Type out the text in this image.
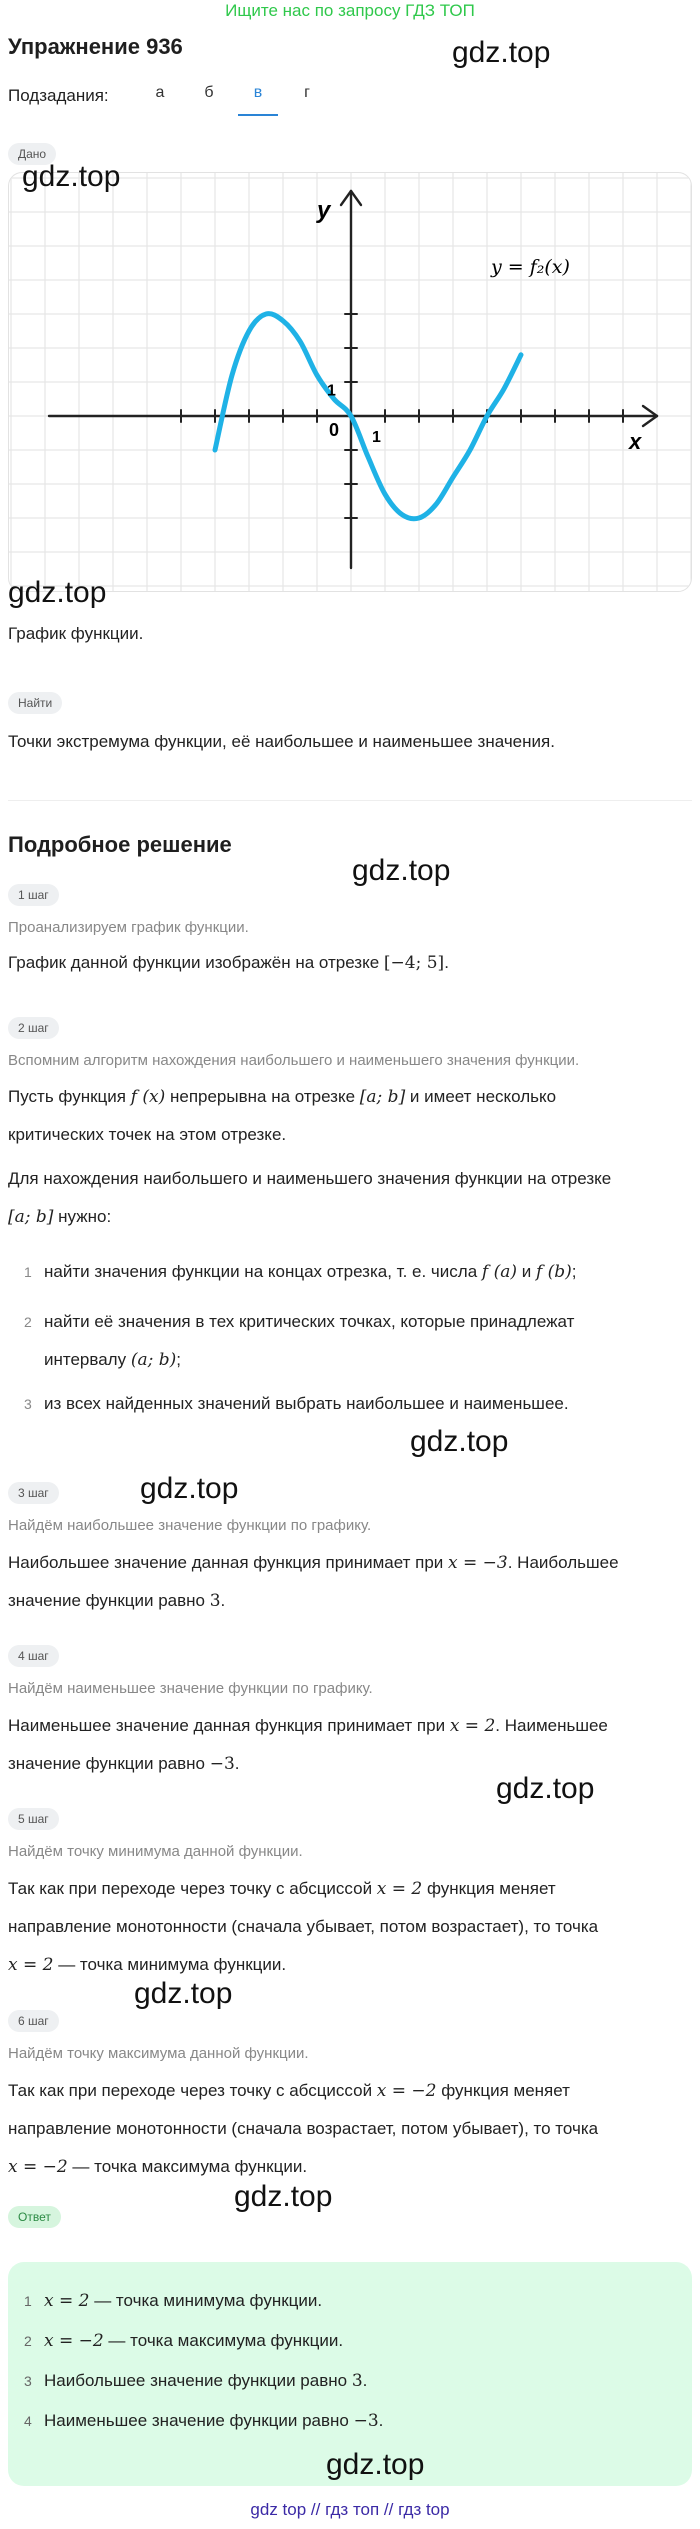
Ищите нас по запросу ГДЗ ТОП
Упражнение 936	gdz.top
Подзадания:	а	б	в	г
Дано
y
x
0 1
1
y = f₂(x)
gdz.top
gdz.top
График функции.
Найти
Точки экстремума функции, её наибольшее и наименьшее значения.
Подробное решение
gdz.top
1 шаг
Проанализируем график функции.
График данной функции изображён на отрезке [−4; 5].
2 шаг
Вспомним алгоритм нахождения наибольшего и наименьшего значения функции.
Пусть функция f (x) непрерывна на отрезке [a; b] и имеет несколько
критических точек на этом отрезке.
Для нахождения наибольшего и наименьшего значения функции на отрезке
[a; b] нужно:
1 найти значения функции на концах отрезка, т. е. числа f (a) и f (b);
2 найти её значения в тех критических точках, которые принадлежат
интервалу (a; b);
3 из всех найденных значений выбрать наибольшее и наименьшее.
gdz.top
3 шаг	gdz.top
Найдём наибольшее значение функции по графику.
Наибольшее значение данная функция принимает при x = −3. Наибольшее
значение функции равно 3.
4 шаг
Найдём наименьшее значение функции по графику.
Наименьшее значение данная функция принимает при x = 2. Наименьшее
значение функции равно −3.
gdz.top
5 шаг
Найдём точку минимума данной функции.
Так как при переходе через точку с абсциссой x = 2 функция меняет
направление монотонности (сначала убывает, потом возрастает), то точка
x = 2 — точка минимума функции.
gdz.top
6 шаг
Найдём точку максимума данной функции.
Так как при переходе через точку с абсциссой x = −2 функция меняет
направление монотонности (сначала возрастает, потом убывает), то точка
x = −2 — точка максимума функции.
gdz.top
Ответ
1 x = 2 — точка минимума функции.
2 x = −2 — точка максимума функции.
3 Наибольшее значение функции равно 3.
4 Наименьшее значение функции равно −3.
gdz.top
gdz top // гдз топ // гдз top
